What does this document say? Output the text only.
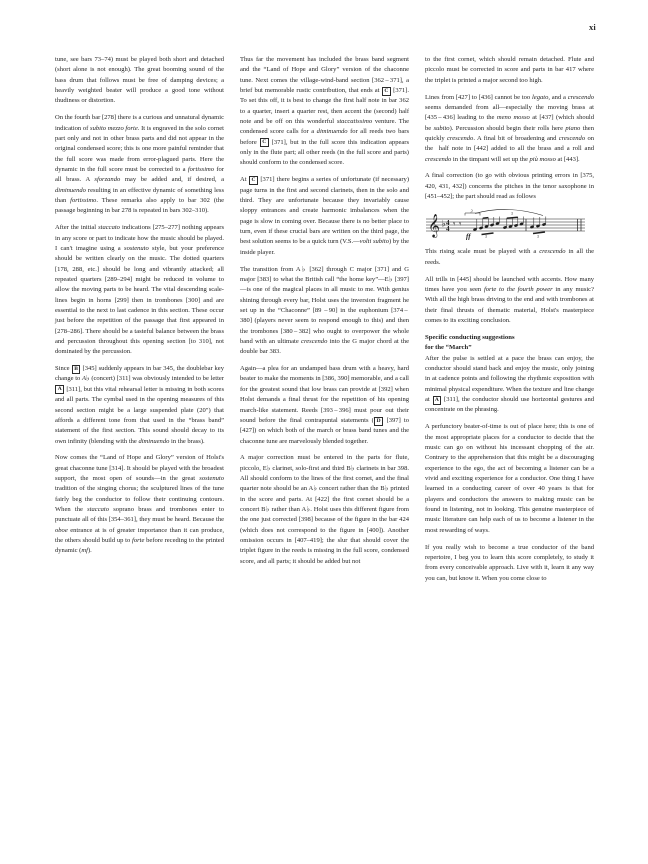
xi

tune, see bars 73–74) must be played both short and detached (short alone is not enough). The great booming sound of the bass drum that follows must be free of damping devices; a heavily weighted beater will produce a good tone without thudiness or distortion.

On the fourth bar [278] there is a curious and unnatural dynamic indication of subito mezzo forte. It is engraved in the solo cornet part only and not in other brass parts and did not appear in the original condensed score; this is one more painful reminder that the full score was made from error-plagued parts. Here the dynamic in the full score must be corrected to a fortissimo for all brass. A sforzando may be added and, if desired, a diminuendo resulting in an effective dynamic of something less than fortissimo. These remarks also apply to bar 302 (the passage beginning in bar 278 is repeated in bars 302–310).

After the initial staccato indications [275–277] nothing appears in any score or part to indicate how the music should be played. I can't imagine using a sostenuto style, but your preference should be written clearly on the music. The dotted quarters [178, 288, etc.] should be long and vibrantly attacked; all repeated quarters [289–294] might be reduced in volume to allow the moving parts to be heard. The vital descending scale-lines begin in horns [299] then in trombones [300] and are essential to the next to last cadence in this section. These occur just before the repetition of the passage that first appeared in [278–286]. There should be a tasteful balance between the brass and percussion throughout this opening section [to 310], not dominated by the percussion.

Since B [345] suddenly appears in bar 345, the doublebar key change to A♭ (concert) [311] was obviously intended to be letter A [311], but this vital rehearsal letter is missing in both scores and all parts. The cymbal used in the opening measures of this second section might be a large suspended plate (20″) that affords a different tone from that used in the “brass band” statement of the first section. This sound should decay to its own infinity (blending with the diminuendo in the brass).

Now comes the “Land of Hope and Glory” version of Holst's great chaconne tune [314]. It should be played with the broadest support, the most open of sounds—in the great sostenuto tradition of the singing chorus; the sculptured lines of the tune fairly beg the conductor to follow their continuing contours. When the staccato soprano brass and trombones enter to punctuate all of this [354–361], they must be heard. Because the oboe entrance at is of greater importance than it can produce, the others should build up to forte before receding to the printed dynamic (mf).

Thus far the movement has included the brass band segment and the “Land of Hope and Glory” version of the chaconne tune. Next comes the village-wind-band section [362 – 371], a brief but memorable rustic contribution, that ends at C [371]. To set this off, it is best to change the first half note in bar 362 to a quarter, insert a quarter rest, then accent the (second) half note and be off on this wonderful staccatissimo venture. The condensed score calls for a diminuendo for all reeds two bars before C [371], but in the full score this indication appears only in the flute part; all other reeds (in the full score and parts) should conform to the condensed score.

At C [371] there begins a series of unfortunate (if necessary) page turns in the first and second clarinets, then in the solo and third. They are unfortunate because they invariably cause sloppy entrances and create harmonic imbalances when the page is slow in coming over. Because there is no better place to turn, even if these crucial bars are written on the third page, the best solution seems to be a quick turn (V.S.—volti subito) by the inside player.

The transition from A♭ [362] through C major [371] and G major [383] to what the British call “the home key”—E♭ [397]—is one of the magical places in all music to me. With genius shining through every bar, Holst uses the inversion fragment he set up in the “Chaconne” [89 – 90] in the euphonium [374 – 380] (players never seem to respond enough to this) and then the trombones [380 – 382] who ought to overpower the whole band with an ultimate crescendo into the G major chord at the double bar 383.

Again—a plea for an undamped bass drum with a heavy, hard beater to make the moments in [386, 390] memorable, and a call for the greatest sound that low brass can provide at [392] when Holst demands a final thrust for the repetition of his opening march-like statement. Reeds [393 – 396] must pour out their sound before the final contrapuntal statements ( D [397] to [427]) on which both of the march or brass band tunes and the chaconne tune are marvelously blended together.

A major correction must be entered in the parts for flute, piccolo, E♭ clarinet, solo-first and third B♭ clarinets in bar 398. All should conform to the lines of the first cornet, and the final quarter note should be an A♭ concert rather than the B♭ printed in the score and parts. At [422] the first cornet should be a concert B♭ rather than A♭. Holst uses this different figure from the one just corrected [398] because of the figure in the bar 424 (which does not correspond to the figure in [400]). Another omission occurs in [407–419]; the slur that should cover the triplet figure in the reeds is missing in the full score, condensed score, and all parts; it should be added but not

to the first cornet, which should remain detached. Flute and piccolo must be corrected in score and parts in bar 417 where the triplet is printed a major second too high.

Lines from [427] to [436] cannot be too legato, and a crescendo seems demanded from all—especially the moving brass at [435 – 436] leading to the meno mosso at [437] (which should be subito). Percussion should begin their rolls here piano then quickly crescendo. A final bit of broadening and crescendo on the  half note in [442] added to all the brass and a roll and crescendo in the timpani will set up the più mosso at [443].

A final correction (to go with obvious printing errors in [375, 420, 431, 432]) concerns the pitches in the tenor saxophone in [451–452]; the part should read as follows

𝄞 ♭ 4
4 𝄾 𝄾
3
ff	3
3
3

This rising scale must be played with a crescendo in all the reeds.

All trills in [445] should be launched with accents. How many times have you seen forte to the fourth power in any music? With all the high brass driving to the end and with trombones at their final thrusts of thematic material, Holst's masterpiece comes to its exciting conclusion.

Specific conducting suggestions
for the “March”

After the pulse is settled at a pace the brass can enjoy, the conductor should stand back and enjoy the music, only joining in at cadence points and following the rhythmic exposition with minimal physical expenditure. When the texture and line change at A [311], the conductor should use horizontal gestures and concentrate on the phrasing.

A perfunctory beater-of-time is out of place here; this is one of the most appropriate places for a conductor to decide that the music can go on without his incessant chopping of the air. Contrary to the apprehension that this might be a discouraging experience to the ego, the act of becoming a listener can be a vivid and exciting experience for a conductor. One thing I have learned in a conducting career of over 40 years is that for players and conductors the answers to making music can be found in listening, not in looking. This genuine masterpiece of music literature can help each of us to become a listener in the most rewarding of ways.

If you really wish to become a true conductor of the band repertoire, I beg you to learn this score completely, to study it from every conceivable approach. Live with it, learn it any way you can, but know it. When you come close to
